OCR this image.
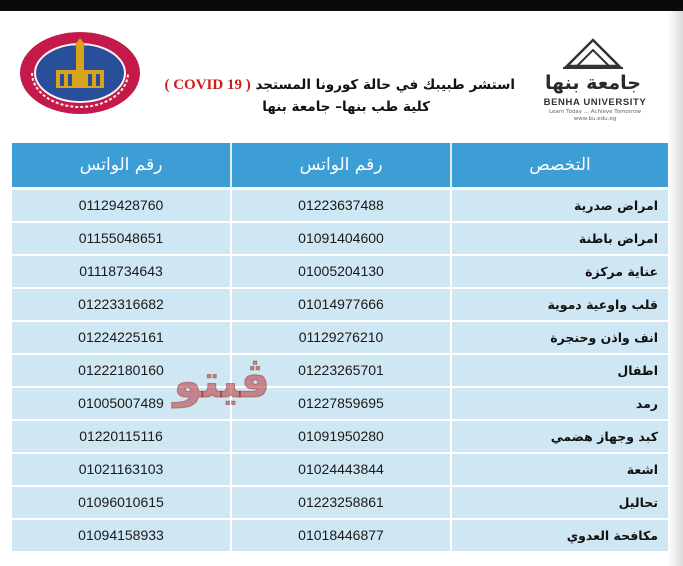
استشر طبيبك في حالة كورونا المستجد ( COVID 19 )
كلية طب بنها– جامعة بنها
جامعة بنها
BENHA UNIVERSITY
Learn Today ... Achieve Tomorrow
www.bu.edu.eg
التخصص
رقم الواتس
رقم الواتس
01129428760	01223637488	امراض صدرية
01155048651	01091404600	امراض باطنة
01118734643	01005204130	عناية مركزة
01223316682	01014977666	قلب واوعية دموية
01224225161	01129276210	انف واذن وحنجرة
01222180160	01223265701	اطفال
01005007489	01227859695	رمد
01220115116	01091950280	كبد وجهاز هضمي
01021163103	01024443844	اشعة
01096010615	01223258861	تحاليل
01094158933	01018446877	مكافحة العدوي
ڤيتو
